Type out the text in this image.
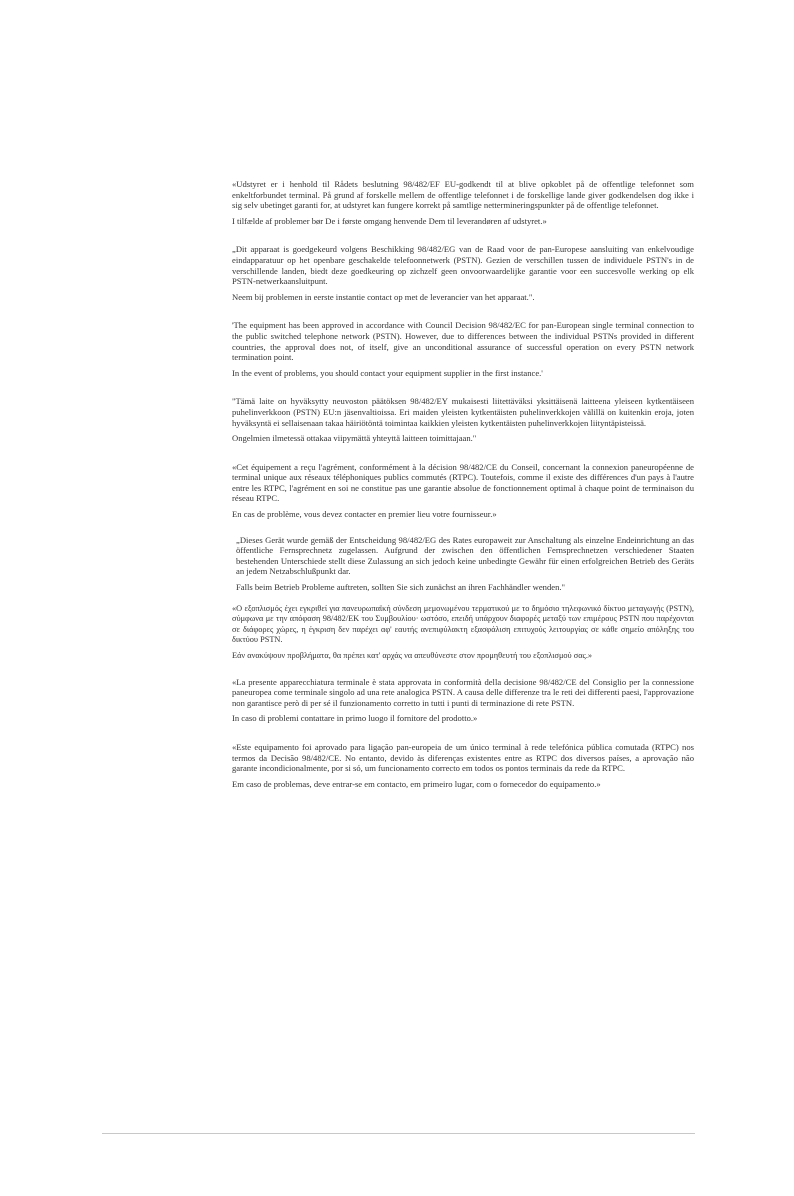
«Udstyret er i henhold til Rådets beslutning 98/482/EF EU-godkendt til at blive opkoblet på de offentlige telefonnet som enkeltforbundet terminal. På grund af forskelle mellem de offentlige telefonnet i de forskellige lande giver godkendelsen dog ikke i sig selv ubetinget garanti for, at udstyret kan fungere korrekt på samtlige nettermineringspunkter på de offentlige telefonnet.

I tilfælde af problemer bør De i første omgang henvende Dem til leverandøren af udstyret.»

„Dit apparaat is goedgekeurd volgens Beschikking 98/482/EG van de Raad voor de pan-Europese aansluiting van enkelvoudige eindapparatuur op het openbare geschakelde telefoonnetwerk (PSTN). Gezien de verschillen tussen de individuele PSTN's in de verschillende landen, biedt deze goedkeuring op zichzelf geen onvoorwaardelijke garantie voor een succesvolle werking op elk PSTN-netwerkaansluitpunt.

Neem bij problemen in eerste instantie contact op met de leverancier van het apparaat.".

'The equipment has been approved in accordance with Council Decision 98/482/EC for pan-European single terminal connection to the public switched telephone network (PSTN). However, due to differences between the individual PSTNs provided in different countries, the approval does not, of itself, give an unconditional assurance of successful operation on every PSTN network termination point.

In the event of problems, you should contact your equipment supplier in the first instance.'

"Tämä laite on hyväksytty neuvoston päätöksen 98/482/EY mukaisesti liitettäväksi yksittäisenä laitteena yleiseen kytkentäiseen puhelinverkkoon (PSTN) EU:n jäsenvaltioissa. Eri maiden yleisten kytkentäisten puhelinverkkojen välillä on kuitenkin eroja, joten hyväksyntä ei sellaisenaan takaa häiriötöntä toimintaa kaikkien yleisten kytkentäisten puhelinverkkojen liityntäpisteissä.

Ongelmien ilmetessä ottakaa viipymättä yhteyttä laitteen toimittajaan."

«Cet équipement a reçu l'agrément, conformément à la décision 98/482/CE du Conseil, concernant la connexion paneuropéenne de terminal unique aux réseaux téléphoniques publics commutés (RTPC). Toutefois, comme il existe des différences d'un pays à l'autre entre les RTPC, l'agrément en soi ne constitue pas une garantie absolue de fonctionnement optimal à chaque point de terminaison du réseau RTPC.

En cas de problème, vous devez contacter en premier lieu votre fournisseur.»

„Dieses Gerät wurde gemäß der Entscheidung 98/482/EG des Rates europaweit zur Anschaltung als einzelne Endeinrichtung an das öffentliche Fernsprechnetz zugelassen. Aufgrund der zwischen den öffentlichen Fernsprechnetzen verschiedener Staaten bestehenden Unterschiede stellt diese Zulassung an sich jedoch keine unbedingte Gewähr für einen erfolgreichen Betrieb des Geräts an jedem Netzabschlußpunkt dar.

Falls beim Betrieb Probleme auftreten, sollten Sie sich zunächst an ihren Fachhändler wenden."

«Ο εξοπλισμός έχει εγκριθεί για πανευρωπαϊκή σύνδεση μεμονωμένου τερματικού με το δημόσιο τηλεφωνικό δίκτυο μεταγωγής (PSTN), σύμφωνα με την απόφαση 98/482/ΕΚ του Συμβουλίου· ωστόσο, επειδή υπάρχουν διαφορές μεταξύ των επιμέρους PSTN που παρέχονται σε διάφορες χώρες, η έγκριση δεν παρέχει αφ' εαυτής ανεπιφύλακτη εξασφάλιση επιτυχούς λειτουργίας σε κάθε σημείο απόληξης του δικτύου PSTN.

Εάν ανακύψουν προβλήματα, θα πρέπει κατ' αρχάς να απευθύνεστε στον προμηθευτή του εξοπλισμού σας.»

«La presente apparecchiatura terminale è stata approvata in conformità della decisione 98/482/CE del Consiglio per la connessione paneuropea come terminale singolo ad una rete analogica PSTN. A causa delle differenze tra le reti dei differenti paesi, l'approvazione non garantisce però di per sé il funzionamento corretto in tutti i punti di terminazione di rete PSTN.

In caso di problemi contattare in primo luogo il fornitore del prodotto.»

«Este equipamento foi aprovado para ligação pan-europeia de um único terminal à rede telefónica pública comutada (RTPC) nos termos da Decisão 98/482/CE. No entanto, devido às diferenças existentes entre as RTPC dos diversos países, a aprovação não garante incondicionalmente, por si só, um funcionamento correcto em todos os pontos terminais da rede da RTPC.

Em caso de problemas, deve entrar-se em contacto, em primeiro lugar, com o fornecedor do equipamento.»
